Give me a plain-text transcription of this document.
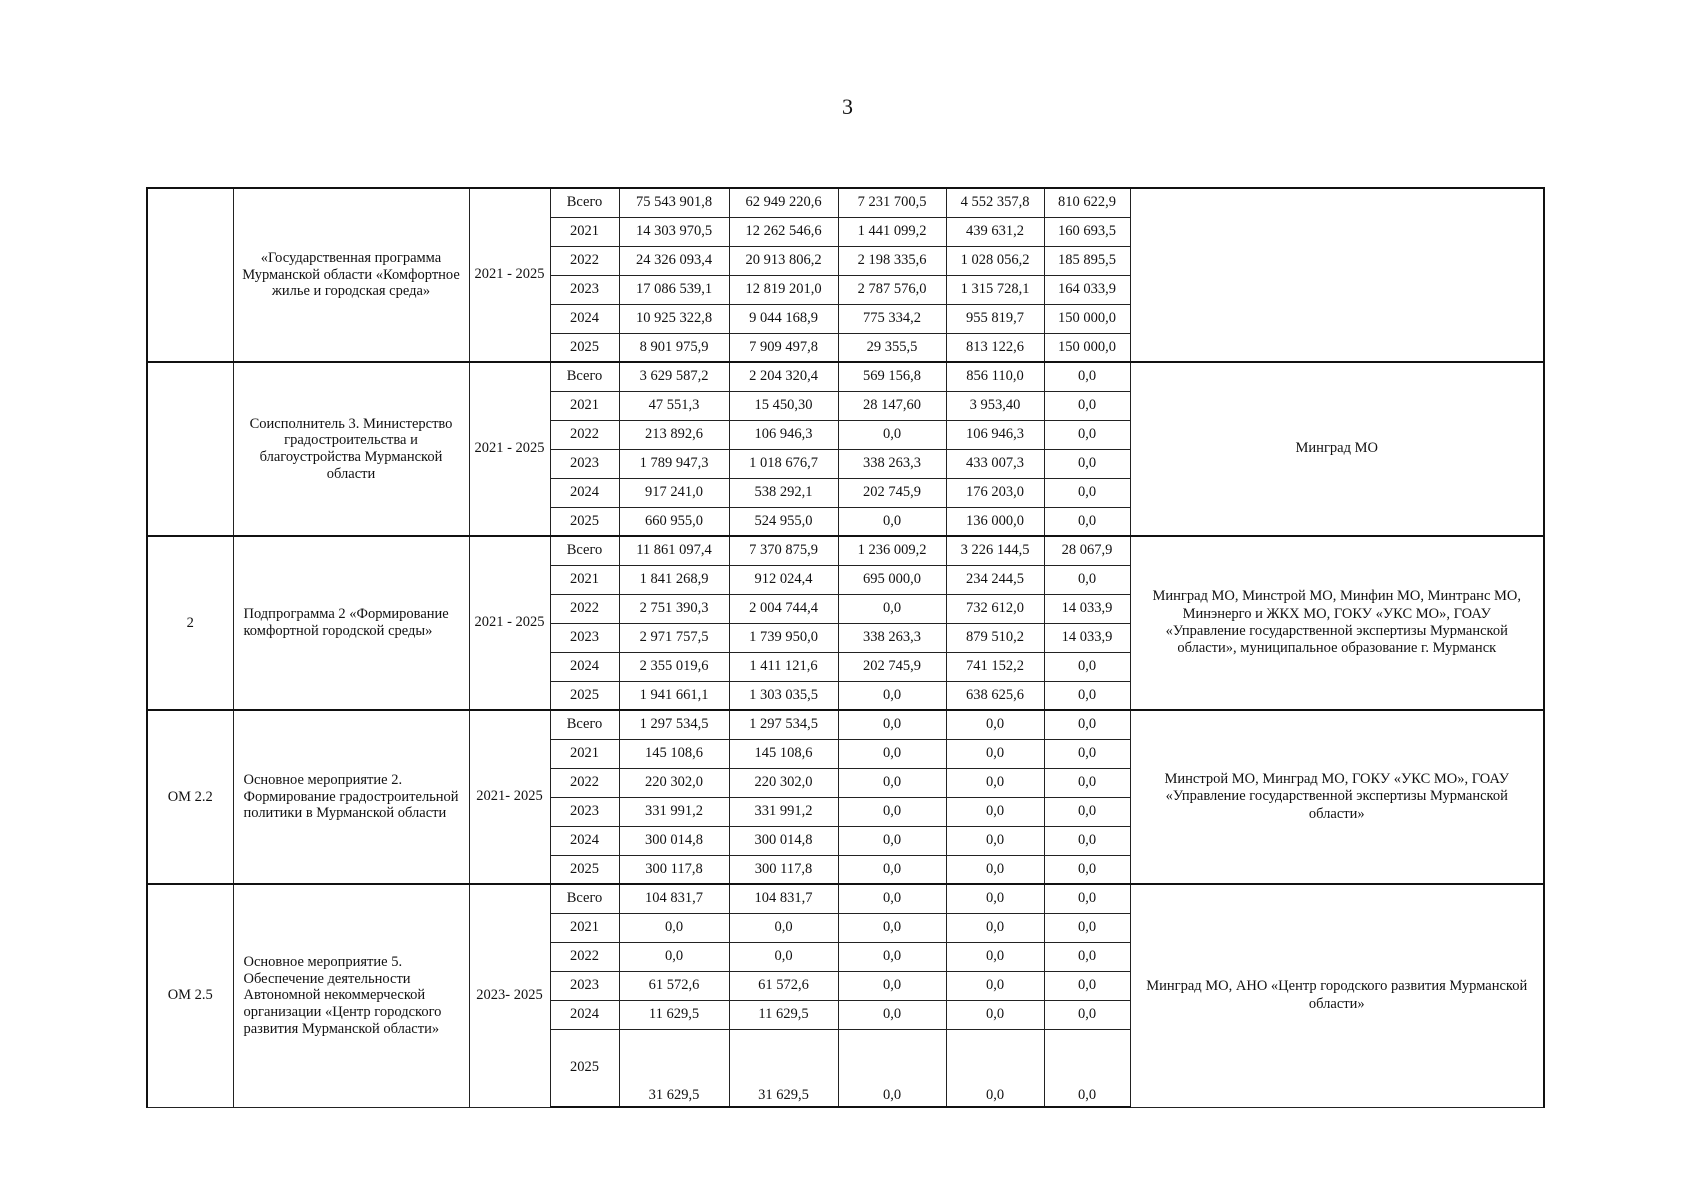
3
	«Государственная программа Мурманской области «Комфортное жилье и городская среда»	2021 - 2025	Всего	75 543 901,8	62 949 220,6	7 231 700,5	4 552 357,8	810 622,9	
			2021	14 303 970,5	12 262 546,6	1 441 099,2	439 631,2	160 693,5	
			2022	24 326 093,4	20 913 806,2	2 198 335,6	1 028 056,2	185 895,5	
			2023	17 086 539,1	12 819 201,0	2 787 576,0	1 315 728,1	164 033,9	
			2024	10 925 322,8	9 044 168,9	775 334,2	955 819,7	150 000,0	
			2025	8 901 975,9	7 909 497,8	29 355,5	813 122,6	150 000,0	
	Соисполнитель 3. Министерство градостроительства и благоустройства Мурманской области	2021 - 2025	Всего	3 629 587,2	2 204 320,4	569 156,8	856 110,0	0,0	Минград МО
			2021	47 551,3	15 450,30	28 147,60	3 953,40	0,0	
			2022	213 892,6	106 946,3	0,0	106 946,3	0,0	
			2023	1 789 947,3	1 018 676,7	338 263,3	433 007,3	0,0	
			2024	917 241,0	538 292,1	202 745,9	176 203,0	0,0	
			2025	660 955,0	524 955,0	0,0	136 000,0	0,0	
2	Подпрограмма 2 «Формирование комфортной городской среды»	2021 - 2025	Всего	11 861 097,4	7 370 875,9	1 236 009,2	3 226 144,5	28 067,9	Минград МО, Минстрой МО, Минфин МО, Минтранс МО, Минэнерго и ЖКХ МО, ГОКУ «УКС МО», ГОАУ «Управление государственной экспертизы Мурманской области», муниципальное образование г. Мурманск
			2021	1 841 268,9	912 024,4	695 000,0	234 244,5	0,0	
			2022	2 751 390,3	2 004 744,4	0,0	732 612,0	14 033,9	
			2023	2 971 757,5	1 739 950,0	338 263,3	879 510,2	14 033,9	
			2024	2 355 019,6	1 411 121,6	202 745,9	741 152,2	0,0	
			2025	1 941 661,1	1 303 035,5	0,0	638 625,6	0,0	
ОМ 2.2	Основное мероприятие 2. Формирование градостроительной политики в Мурманской области	2021- 2025	Всего	1 297 534,5	1 297 534,5	0,0	0,0	0,0	Минстрой МО, Минград МО, ГОКУ «УКС МО», ГОАУ «Управление государственной экспертизы Мурманской области»
			2021	145 108,6	145 108,6	0,0	0,0	0,0	
			2022	220 302,0	220 302,0	0,0	0,0	0,0	
			2023	331 991,2	331 991,2	0,0	0,0	0,0	
			2024	300 014,8	300 014,8	0,0	0,0	0,0	
			2025	300 117,8	300 117,8	0,0	0,0	0,0	
ОМ 2.5	Основное мероприятие 5. Обеспечение деятельности Автономной некоммерческой организации «Центр городского развития Мурманской области»	2023- 2025	Всего	104 831,7	104 831,7	0,0	0,0	0,0	Минград МО, АНО «Центр городского развития Мурманской области»
			2021	0,0	0,0	0,0	0,0	0,0	
			2022	0,0	0,0	0,0	0,0	0,0	
			2023	61 572,6	61 572,6	0,0	0,0	0,0	
			2024	11 629,5	11 629,5	0,0	0,0	0,0	
			2025	31 629,5	31 629,5	0,0	0,0	0,0	
